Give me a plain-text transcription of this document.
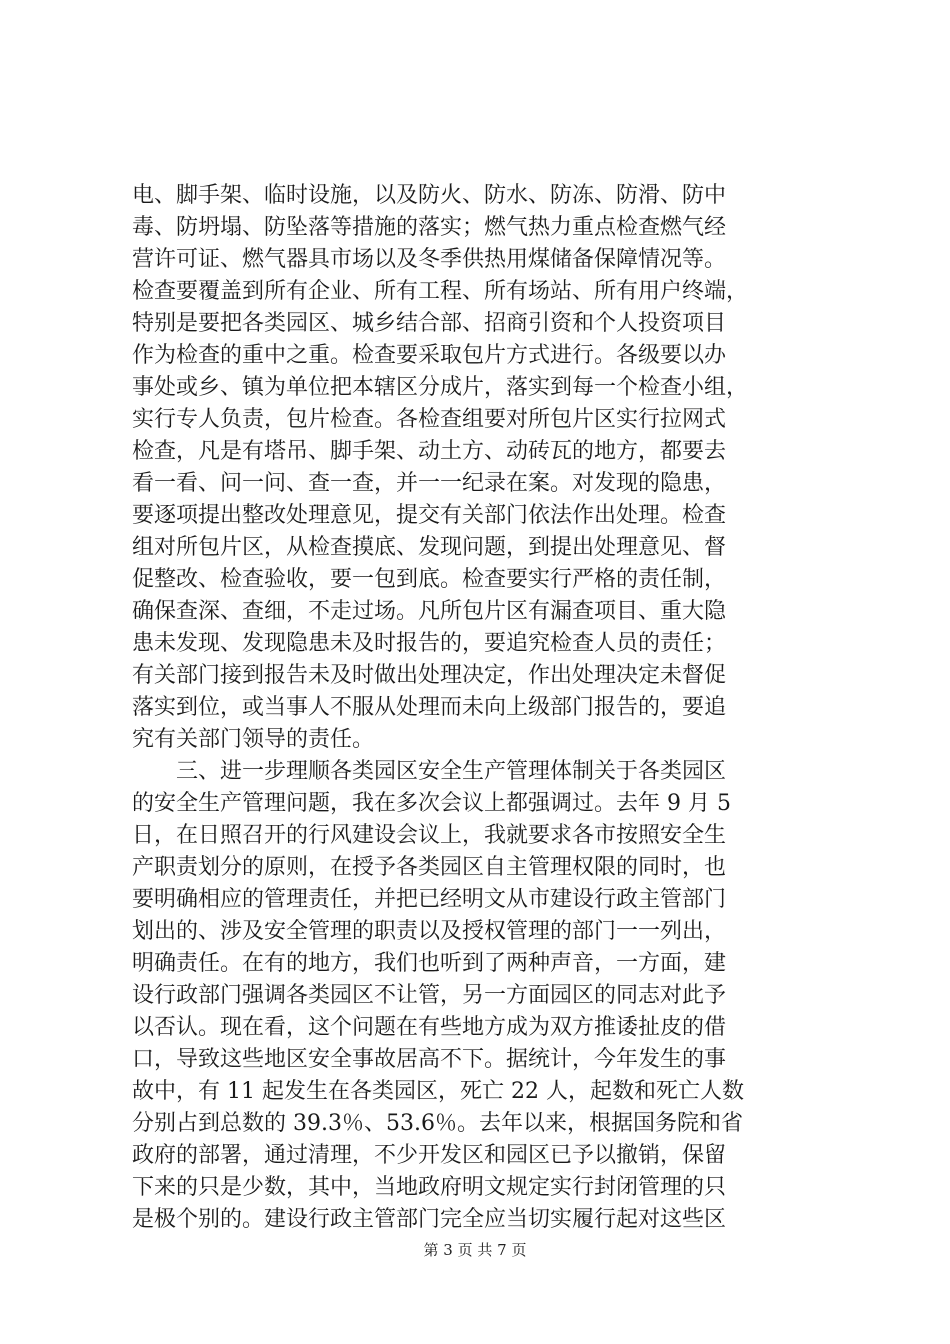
电、脚手架、临时设施，以及防火、防水、防冻、防滑、防中
毒、防坍塌、防坠落等措施的落实；燃气热力重点检查燃气经
营许可证、燃气器具市场以及冬季供热用煤储备保障情况等。
检查要覆盖到所有企业、所有工程、所有场站、所有用户终端，
特别是要把各类园区、城乡结合部、招商引资和个人投资项目
作为检查的重中之重。检查要采取包片方式进行。各级要以办
事处或乡、镇为单位把本辖区分成片，落实到每一个检查小组，
实行专人负责，包片检查。各检查组要对所包片区实行拉网式
检查，凡是有塔吊、脚手架、动土方、动砖瓦的地方，都要去
看一看、问一问、查一查，并一一纪录在案。对发现的隐患，
要逐项提出整改处理意见，提交有关部门依法作出处理。检查
组对所包片区，从检查摸底、发现问题，到提出处理意见、督
促整改、检查验收，要一包到底。检查要实行严格的责任制，
确保查深、查细，不走过场。凡所包片区有漏查项目、重大隐
患未发现、发现隐患未及时报告的，要追究检查人员的责任；
有关部门接到报告未及时做出处理决定，作出处理决定未督促
落实到位，或当事人不服从处理而未向上级部门报告的，要追
究有关部门领导的责任。
三、进一步理顺各类园区安全生产管理体制关于各类园区
的安全生产管理问题，我在多次会议上都强调过。去年 9 月 5
日，在日照召开的行风建设会议上，我就要求各市按照安全生
产职责划分的原则，在授予各类园区自主管理权限的同时，也
要明确相应的管理责任，并把已经明文从市建设行政主管部门
划出的、涉及安全管理的职责以及授权管理的部门一一列出，
明确责任。在有的地方，我们也听到了两种声音，一方面，建
设行政部门强调各类园区不让管，另一方面园区的同志对此予
以否认。现在看，这个问题在有些地方成为双方推诿扯皮的借
口，导致这些地区安全事故居高不下。据统计，今年发生的事
故中，有 11 起发生在各类园区，死亡 22 人，起数和死亡人数
分别占到总数的 39.3％、53.6％。去年以来，根据国务院和省
政府的部署，通过清理，不少开发区和园区已予以撤销，保留
下来的只是少数，其中，当地政府明文规定实行封闭管理的只
是极个别的。建设行政主管部门完全应当切实履行起对这些区
第 3 页 共 7 页
